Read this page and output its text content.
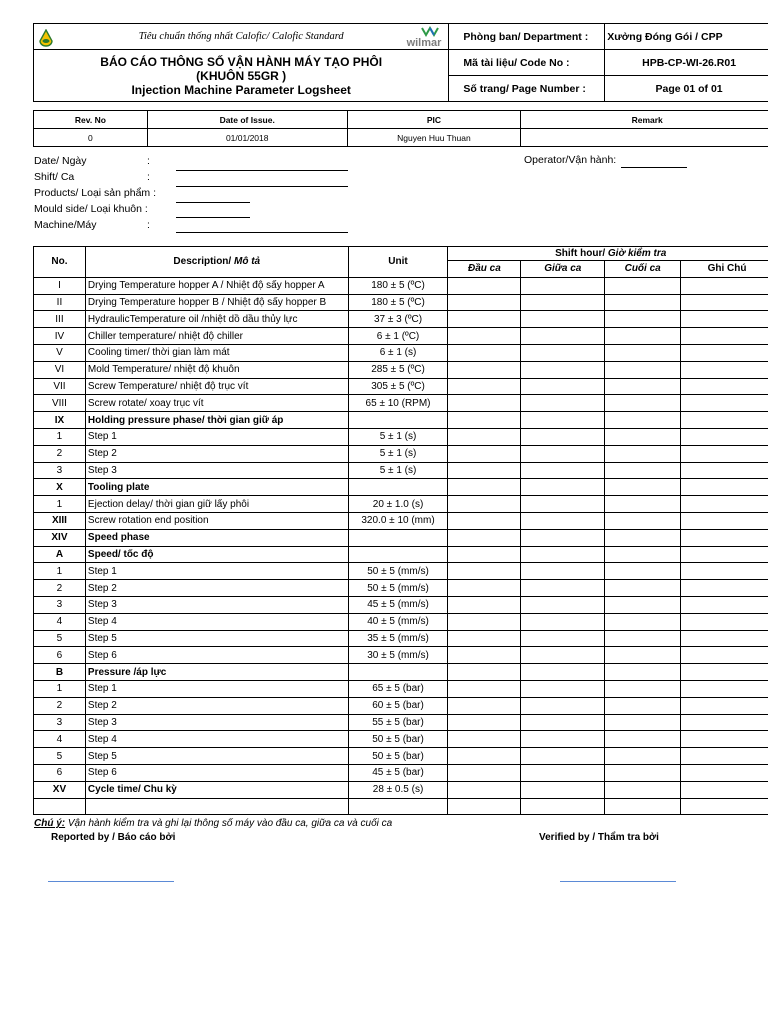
Tiêu chuẩn thống nhất Calofic/ Calofic Standard
wilmar	Phòng ban/ Department :	Xưởng Đóng Gói / CPP

BÁO CÁO THÔNG SỐ VẬN HÀNH MÁY TẠO PHÔI
(KHUÔN 55GR )
Injection Machine Parameter Logsheet	Mã tài liệu/ Code No :	HPB-CP-WI-26.R01
	Số trang/ Page Number :	Page 01 of 01
Rev. No	Date of Issue.	PIC	Remark
0	01/01/2018	Nguyen Huu Thuan	
Date/ Ngày	:
Shift/ Ca	:
Products/ Loại sản phẩm :
Mould side/ Loại khuôn :
Machine/Máy	:
Operator/Vận hành:
No.	Description/ Mô tả	Unit	Shift hour/ Giờ kiểm tra			
			Đầu ca	Giữa ca	Cuối ca	Ghi Chú
I	Drying Temperature hopper A / Nhiệt độ sấy hopper A	180 ± 5 (ºC)				
II	Drying Temperature hopper B / Nhiệt độ sấy hopper B	180 ± 5 (ºC)				
III	HydraulicTemperature oil /nhiệt dồ dầu thủy lực	37 ± 3 (ºC)				
IV	Chiller temperature/ nhiệt độ chiller	6 ± 1 (ºC)				
V	Cooling timer/ thời gian làm mát	6 ± 1 (s)				
VI	Mold Temperature/ nhiệt độ khuôn	285 ± 5 (ºC)				
VII	Screw Temperature/ nhiệt độ trục vít	305 ± 5 (ºC)				
VIII	Screw rotate/ xoay trục vít	65 ± 10 (RPM)				
IX	Holding pressure phase/ thời gian giữ áp					
1	Step 1	5 ± 1 (s)				
2	Step 2	5 ± 1 (s)				
3	Step 3	5 ± 1 (s)				
X	Tooling plate					
1	Ejection delay/ thời gian giữ lấy phôi	20 ± 1.0 (s)				
XIII	Screw rotation end position	320.0 ± 10 (mm)				
XIV	Speed phase					
A	Speed/ tốc độ					
1	Step 1	50 ± 5 (mm/s)				
2	Step 2	50 ± 5 (mm/s)				
3	Step 3	45 ± 5 (mm/s)				
4	Step 4	40 ± 5 (mm/s)				
5	Step 5	35 ± 5 (mm/s)				
6	Step 6	30 ± 5 (mm/s)				
B	Pressure /áp lực					
1	Step 1	65 ± 5 (bar)				
2	Step 2	60 ± 5 (bar)				
3	Step 3	55 ± 5 (bar)				
4	Step 4	50 ± 5 (bar)				
5	Step 5	50 ± 5 (bar)				
6	Step 6	45 ± 5 (bar)				
XV	Cycle time/ Chu kỳ	28 ± 0.5 (s)				

Chú ý: Vận hành kiểm tra và ghi lại thông số máy vào đầu ca, giữa ca và cuối ca
Reported by / Báo cáo bởi	Verified by / Thẩm tra bởi
